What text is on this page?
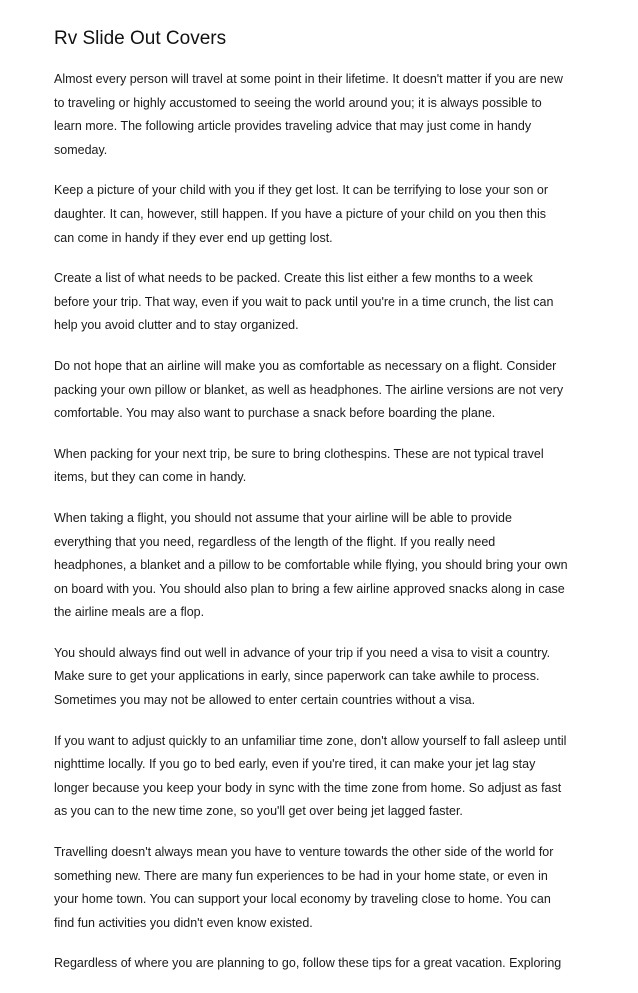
Rv Slide Out Covers

Almost every person will travel at some point in their lifetime. It doesn't matter if you are new
to traveling or highly accustomed to seeing the world around you; it is always possible to
learn more. The following article provides traveling advice that may just come in handy
someday.

Keep a picture of your child with you if they get lost. It can be terrifying to lose your son or
daughter. It can, however, still happen. If you have a picture of your child on you then this
can come in handy if they ever end up getting lost.

Create a list of what needs to be packed. Create this list either a few months to a week
before your trip. That way, even if you wait to pack until you're in a time crunch, the list can
help you avoid clutter and to stay organized.

Do not hope that an airline will make you as comfortable as necessary on a flight. Consider
packing your own pillow or blanket, as well as headphones. The airline versions are not very
comfortable. You may also want to purchase a snack before boarding the plane.

When packing for your next trip, be sure to bring clothespins. These are not typical travel
items, but they can come in handy.

When taking a flight, you should not assume that your airline will be able to provide
everything that you need, regardless of the length of the flight. If you really need
headphones, a blanket and a pillow to be comfortable while flying, you should bring your own
on board with you. You should also plan to bring a few airline approved snacks along in case
the airline meals are a flop.

You should always find out well in advance of your trip if you need a visa to visit a country.
Make sure to get your applications in early, since paperwork can take awhile to process.
Sometimes you may not be allowed to enter certain countries without a visa.

If you want to adjust quickly to an unfamiliar time zone, don't allow yourself to fall asleep until
nighttime locally. If you go to bed early, even if you're tired, it can make your jet lag stay
longer because you keep your body in sync with the time zone from home. So adjust as fast
as you can to the new time zone, so you'll get over being jet lagged faster.

Travelling doesn't always mean you have to venture towards the other side of the world for
something new. There are many fun experiences to be had in your home state, or even in
your home town. You can support your local economy by traveling close to home. You can
find fun activities you didn't even know existed.

Regardless of where you are planning to go, follow these tips for a great vacation. Exploring
